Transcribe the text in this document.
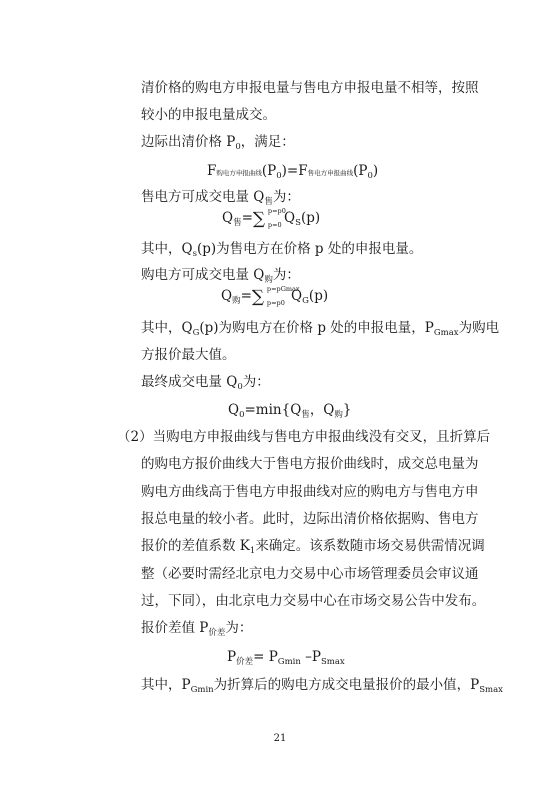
清价格的购电方申报电量与售电方申报电量不相等，按照
较小的申报电量成交。
边际出清价格 $P_0$，满足：
F购电方申报曲线$(P_0)=F$售电方申报曲线$(P_0)$
售电方可成交电量 $Q_售$为：
$Q_售=\sum$ p=p0
p=0 $Q_S(p)$
其中，$Q_s(p)$为售电方在价格 p 处的申报电量。
购电方可成交电量 $Q_购$为：
$Q_购=\sum$ p=pGmax
p=p0 $Q_G(p)$
其中，$Q_G(p)$为购电方在价格 p 处的申报电量，$P_{Gmax}$为购电
方报价最大值。
最终成交电量 $Q_0$为：
$Q_0=\min\{Q_售$，$Q_购$}
（2）当购电方申报曲线与售电方申报曲线没有交叉，且折算后
的购电方报价曲线大于售电方报价曲线时，成交总电量为
购电方曲线高于售电方申报曲线对应的购电方与售电方申
报总电量的较小者。此时，边际出清价格依据购、售电方
报价的差值系数 $K_1$来确定。该系数随市场交易供需情况调
整（必要时需经北京电力交易中心市场管理委员会审议通
过，下同），由北京电力交易中心在市场交易公告中发布。
报价差值 $P_{价差}$为：
$P_{价差}= P_{Gmin}$ $-P_{Smax}$
其中，$P_{Gmin}$为折算后的购电方成交电量报价的最小值，$P_{Smax}$
21
